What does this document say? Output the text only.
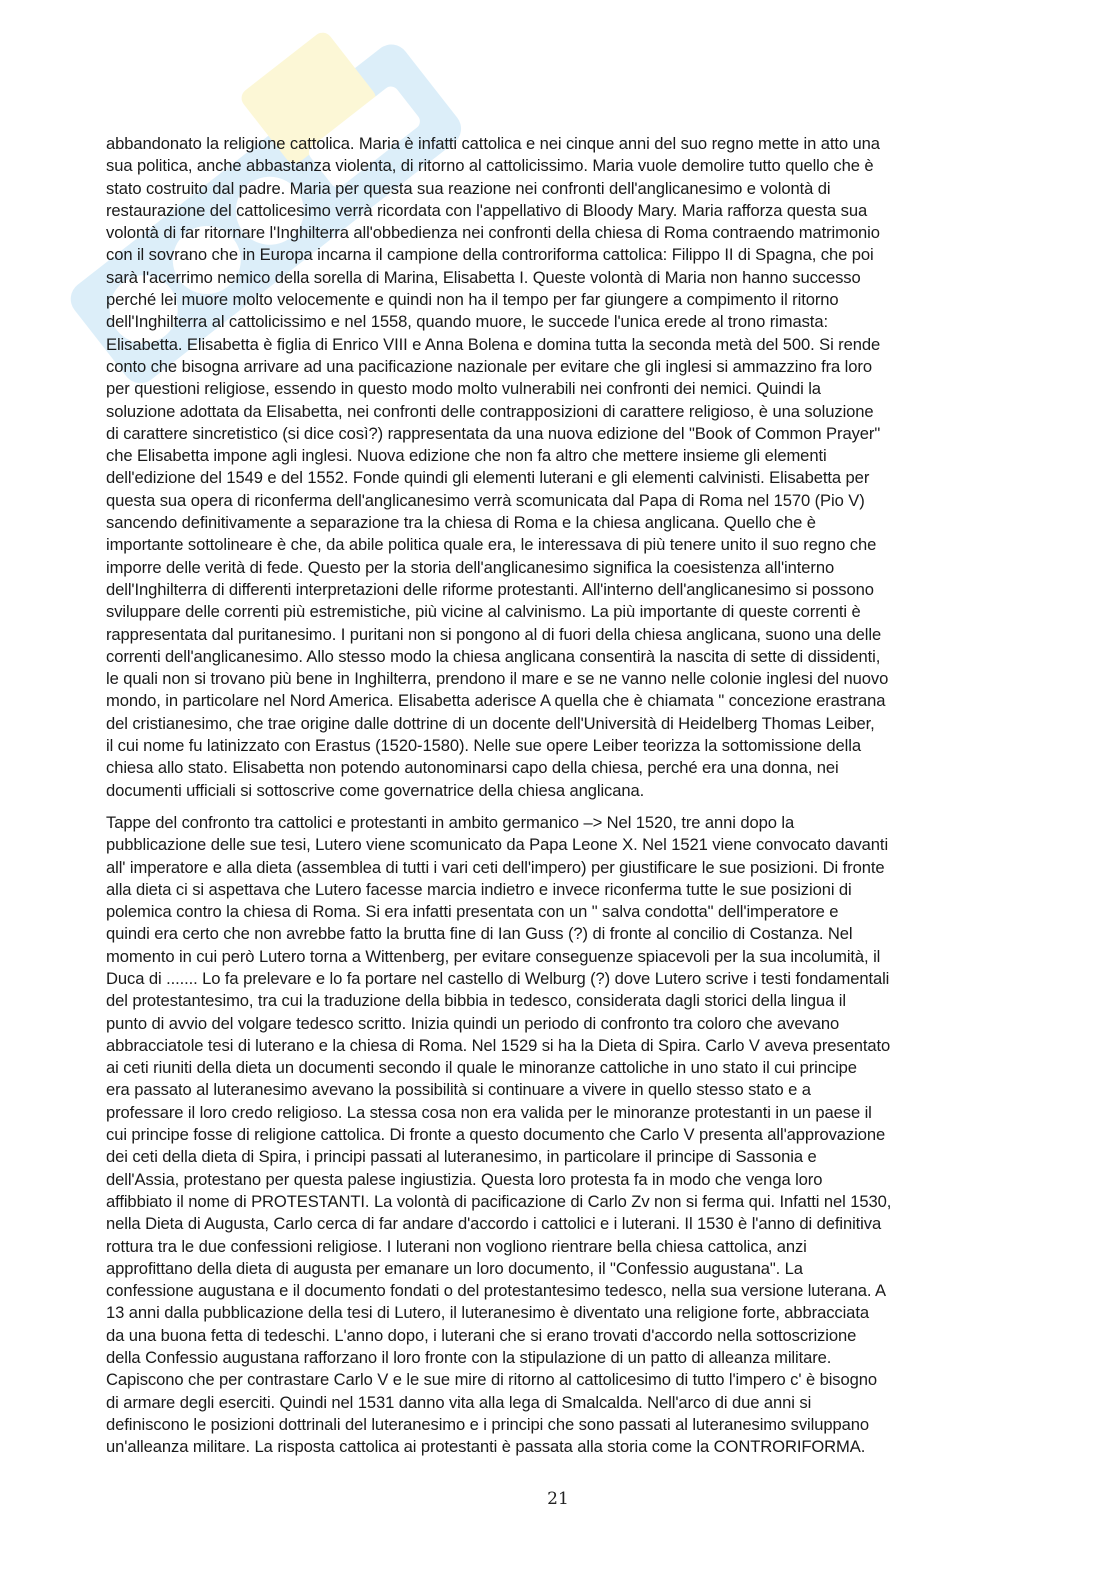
abbandonato la religione cattolica. Maria è infatti cattolica e nei cinque anni del suo regno mette in atto una
sua politica, anche abbastanza violenta, di ritorno al cattolicissimo. Maria vuole demolire tutto quello che è
stato costruito dal padre. Maria per questa sua reazione nei confronti dell'anglicanesimo e volontà di
restaurazione del cattolicesimo verrà ricordata con l'appellativo di Bloody Mary. Maria rafforza questa sua
volontà di far ritornare l'Inghilterra all'obbedienza nei confronti della chiesa di Roma contraendo matrimonio
con il sovrano che in Europa incarna il campione della controriforma cattolica: Filippo II di Spagna, che poi
sarà l'acerrimo nemico della sorella di Marina, Elisabetta I. Queste volontà di Maria non hanno successo
perché lei muore molto velocemente e quindi non ha il tempo per far giungere a compimento il ritorno
dell'Inghilterra al cattolicissimo e nel 1558, quando muore, le succede l'unica erede al trono rimasta:
Elisabetta. Elisabetta è figlia di Enrico VIII e Anna Bolena e domina tutta la seconda metà del 500. Si rende
conto che bisogna arrivare ad una pacificazione nazionale per evitare che gli inglesi si ammazzino fra loro
per questioni religiose, essendo in questo modo molto vulnerabili nei confronti dei nemici. Quindi la
soluzione adottata da Elisabetta, nei confronti delle contrapposizioni di carattere religioso, è una soluzione
di carattere sincretistico (si dice così?) rappresentata da una nuova edizione del "Book of Common Prayer"
che Elisabetta impone agli inglesi. Nuova edizione che non fa altro che mettere insieme gli elementi
dell'edizione del 1549 e del 1552. Fonde quindi gli elementi luterani e gli elementi calvinisti. Elisabetta per
questa sua opera di riconferma dell'anglicanesimo verrà scomunicata dal Papa di Roma nel 1570 (Pio V)
sancendo definitivamente a separazione tra la chiesa di Roma e la chiesa anglicana. Quello che è
importante sottolineare è che, da abile politica quale era, le interessava di più tenere unito il suo regno che
imporre delle verità di fede. Questo per la storia dell'anglicanesimo significa la coesistenza all'interno
dell'Inghilterra di differenti interpretazioni delle riforme protestanti. All'interno dell'anglicanesimo si possono
sviluppare delle correnti più estremistiche, più vicine al calvinismo. La più importante di queste correnti è
rappresentata dal puritanesimo. I puritani non si pongono al di fuori della chiesa anglicana, suono una delle
correnti dell'anglicanesimo. Allo stesso modo la chiesa anglicana consentirà la nascita di sette di dissidenti,
le quali non si trovano più bene in Inghilterra, prendono il mare e se ne vanno nelle colonie inglesi del nuovo
mondo, in particolare nel Nord America. Elisabetta aderisce A quella che è chiamata " concezione erastrana
del cristianesimo, che trae origine dalle dottrine di un docente dell'Università di Heidelberg Thomas Leiber,
il cui nome fu latinizzato con Erastus (1520-1580). Nelle sue opere Leiber teorizza la sottomissione della
chiesa allo stato. Elisabetta non potendo autonominarsi capo della chiesa, perché era una donna, nei
documenti ufficiali si sottoscrive come governatrice della chiesa anglicana.

Tappe del confronto tra cattolici e protestanti in ambito germanico –> Nel 1520, tre anni dopo la
pubblicazione delle sue tesi, Lutero viene scomunicato da Papa Leone X. Nel 1521 viene convocato davanti
all' imperatore e alla dieta (assemblea di tutti i vari ceti dell'impero) per giustificare le sue posizioni. Di fronte
alla dieta ci si aspettava che Lutero facesse marcia indietro e invece riconferma tutte le sue posizioni di
polemica contro la chiesa di Roma. Si era infatti presentata con un " salva condotta" dell'imperatore e
quindi era certo che non avrebbe fatto la brutta fine di Ian Guss (?) di fronte al concilio di Costanza. Nel
momento in cui però Lutero torna a Wittenberg, per evitare conseguenze spiacevoli per la sua incolumità, il
Duca di ....... Lo fa prelevare e lo fa portare nel castello di Welburg (?) dove Lutero scrive i testi fondamentali
del protestantesimo, tra cui la traduzione della bibbia in tedesco, considerata dagli storici della lingua il
punto di avvio del volgare tedesco scritto. Inizia quindi un periodo di confronto tra coloro che avevano
abbracciatole tesi di luterano e la chiesa di Roma. Nel 1529 si ha la Dieta di Spira. Carlo V aveva presentato
ai ceti riuniti della dieta un documenti secondo il quale le minoranze cattoliche in uno stato il cui principe
era passato al luteranesimo avevano la possibilità si continuare a vivere in quello stesso stato e a
professare il loro credo religioso. La stessa cosa non era valida per le minoranze protestanti in un paese il
cui principe fosse di religione cattolica. Di fronte a questo documento che Carlo V presenta all'approvazione
dei ceti della dieta di Spira, i principi passati al luteranesimo, in particolare il principe di Sassonia e
dell'Assia, protestano per questa palese ingiustizia. Questa loro protesta fa in modo che venga loro
affibbiato il nome di PROTESTANTI. La volontà di pacificazione di Carlo Zv non si ferma qui. Infatti nel 1530,
nella Dieta di Augusta, Carlo cerca di far andare d'accordo i cattolici e i luterani. Il 1530 è l'anno di definitiva
rottura tra le due confessioni religiose. I luterani non vogliono rientrare bella chiesa cattolica, anzi
approfittano della dieta di augusta per emanare un loro documento, il "Confessio augustana". La
confessione augustana e il documento fondati o del protestantesimo tedesco, nella sua versione luterana. A
13 anni dalla pubblicazione della tesi di Lutero, il luteranesimo è diventato una religione forte, abbracciata
da una buona fetta di tedeschi. L'anno dopo, i luterani che si erano trovati d'accordo nella sottoscrizione
della Confessio augustana rafforzano il loro fronte con la stipulazione di un patto di alleanza militare.
Capiscono che per contrastare Carlo V e le sue mire di ritorno al cattolicesimo di tutto l'impero c' è bisogno
di armare degli eserciti. Quindi nel 1531 danno vita alla lega di Smalcalda. Nell'arco di due anni si
definiscono le posizioni dottrinali del luteranesimo e i principi che sono passati al luteranesimo sviluppano
un'alleanza militare. La risposta cattolica ai protestanti è passata alla storia come la CONTRORIFORMA.

21
